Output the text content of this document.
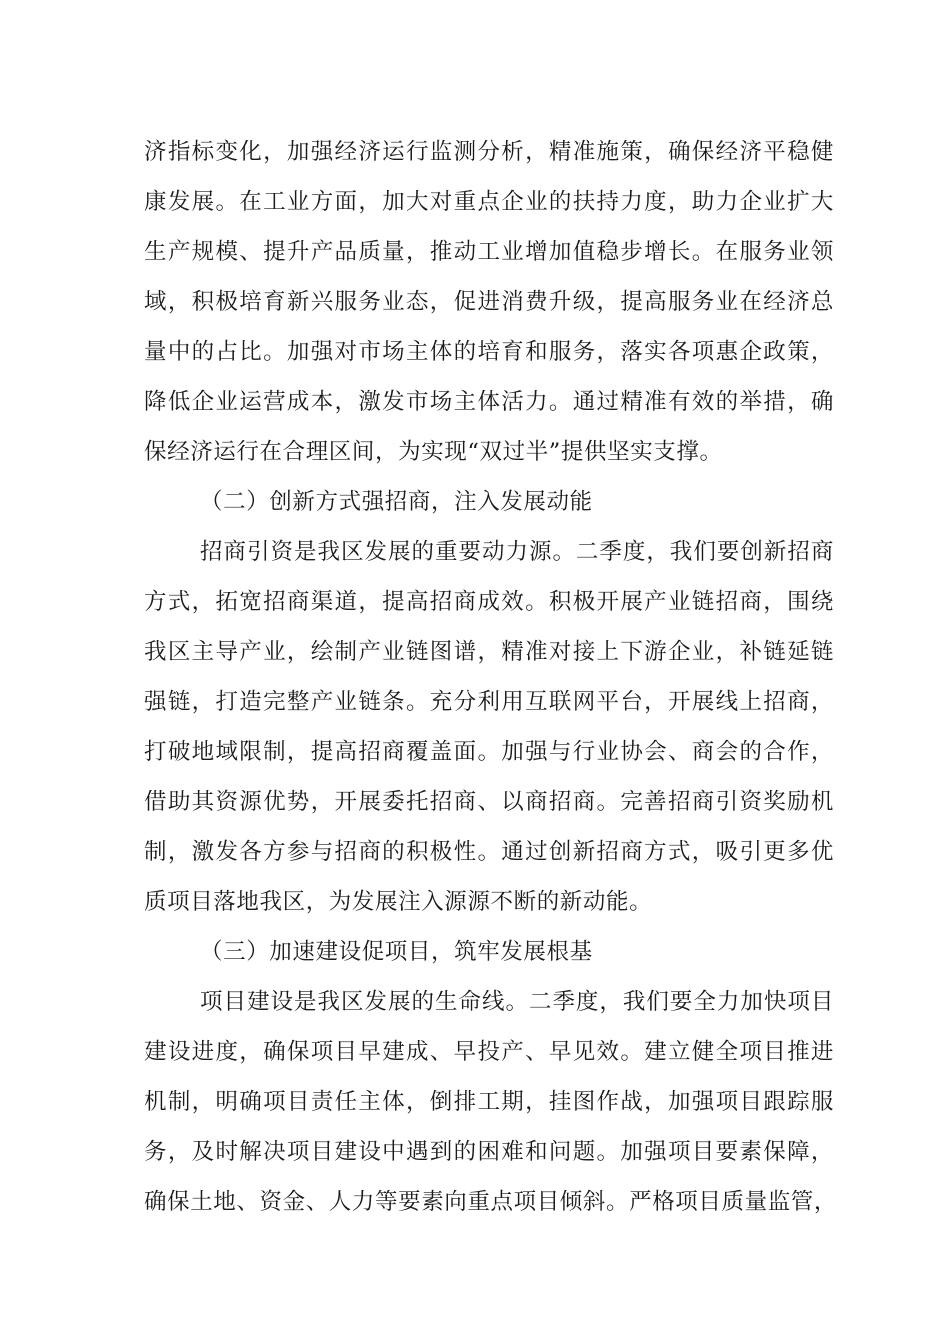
济指标变化，加强经济运行监测分析，精准施策，确保经济平稳健
康发展。在工业方面，加大对重点企业的扶持力度，助力企业扩大
生产规模、提升产品质量，推动工业增加值稳步增长。在服务业领
域，积极培育新兴服务业态，促进消费升级，提高服务业在经济总
量中的占比。加强对市场主体的培育和服务，落实各项惠企政策，
降低企业运营成本，激发市场主体活力。通过精准有效的举措，确
保经济运行在合理区间，为实现“双过半”提供坚实支撑。
（二）创新方式强招商，注入发展动能
招商引资是我区发展的重要动力源。二季度，我们要创新招商
方式，拓宽招商渠道，提高招商成效。积极开展产业链招商，围绕
我区主导产业，绘制产业链图谱，精准对接上下游企业，补链延链
强链，打造完整产业链条。充分利用互联网平台，开展线上招商，
打破地域限制，提高招商覆盖面。加强与行业协会、商会的合作，
借助其资源优势，开展委托招商、以商招商。完善招商引资奖励机
制，激发各方参与招商的积极性。通过创新招商方式，吸引更多优
质项目落地我区，为发展注入源源不断的新动能。
（三）加速建设促项目，筑牢发展根基
项目建设是我区发展的生命线。二季度，我们要全力加快项目
建设进度，确保项目早建成、早投产、早见效。建立健全项目推进
机制，明确项目责任主体，倒排工期，挂图作战，加强项目跟踪服
务，及时解决项目建设中遇到的困难和问题。加强项目要素保障，
确保土地、资金、人力等要素向重点项目倾斜。严格项目质量监管，
